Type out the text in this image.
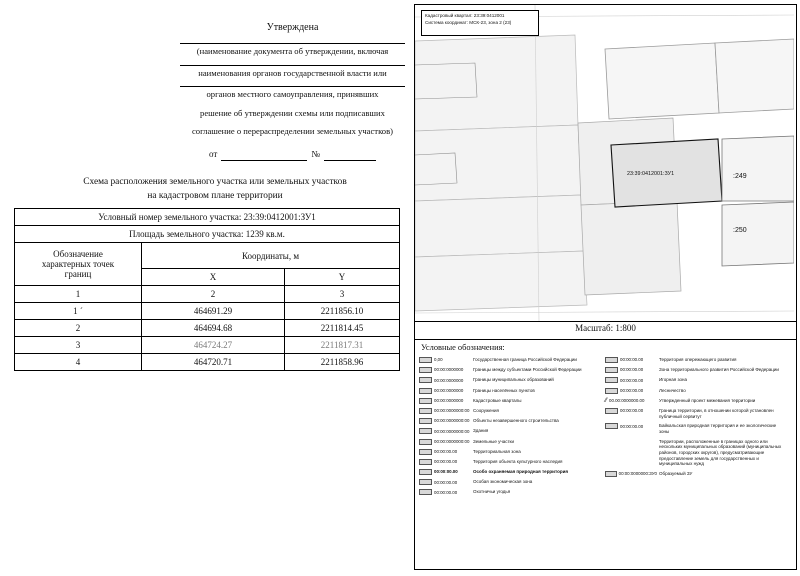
Утверждена
(наименование документа об утверждении, включая
наименования органов государственной власти или
органов местного самоуправления, принявших
решение об утверждении схемы или подписавших
соглашение о перераспределении земельных участков)
от	№
Схема расположения земельного участка или земельных участков
на кадастровом плане территории
Условный номер земельного участка: 23:39:0412001:ЗУ1		
Площадь земельного участка: 1239 кв.м.		

Обозначение
характерных точек
границ	Координаты, м	
	X	Y
1	2	3
1 ˊ	464691.29	2211856.10
2	464694.68	2211814.45
3	464724.27	2211817.31
4	464720.71	2211858.96
Кадастровый квартал: 23:39:0412001
Система координат: МСК-23, зона 2 (23)
23:39:0412001:ЗУ1	:249
:250
Масштаб: 1:800
Условные обозначения:
0,00	Государственная граница Российской Федерации
00:00:0000000	Границы между субъектами Российской Федерации
00:00:0000000	Границы муниципальных образований
00:00:0000000	Границы населённых пунктов
00:00:0000000	Кадастровые кварталы
00:00:0000000:00 Сооружения
00:00:0000000:00 Объекты незавершенного строительства
00:00:0000000:00 Здания
00:00:0000000:00 Земельные участки
00:00:00.00	Территориальная зона
00:00:00.00	Территория объекта культурного наследия
00:00:00.00	Особо охраняемая природная территория
00:00:00.00	Особая экономическая зона
00:00:00.00	Охотничьи угодья
00:00:00.00	Территория опережающего развития
00:00:00.00	Зона территориального развития Российской Федерации
00:00:00.00	Игорная зона
00:00:00.00	Лесничество
⁄⁄ 00.00:0000000.00	Утвержденный проект межевания территории
00:00:00.00	Граница территории, в отношении которой установлен публичный сервитут
00:00:00.00	Байкальская природная территория и ее экологические зоны
Территории, расположенные в границах одного или нескольких муниципальных образований (муниципальных районов, городских округов), предусматривающие предоставление земель для государственных и муниципальных нужд
00:00:0000000:ЗУ0 Образуемый ЗУ
